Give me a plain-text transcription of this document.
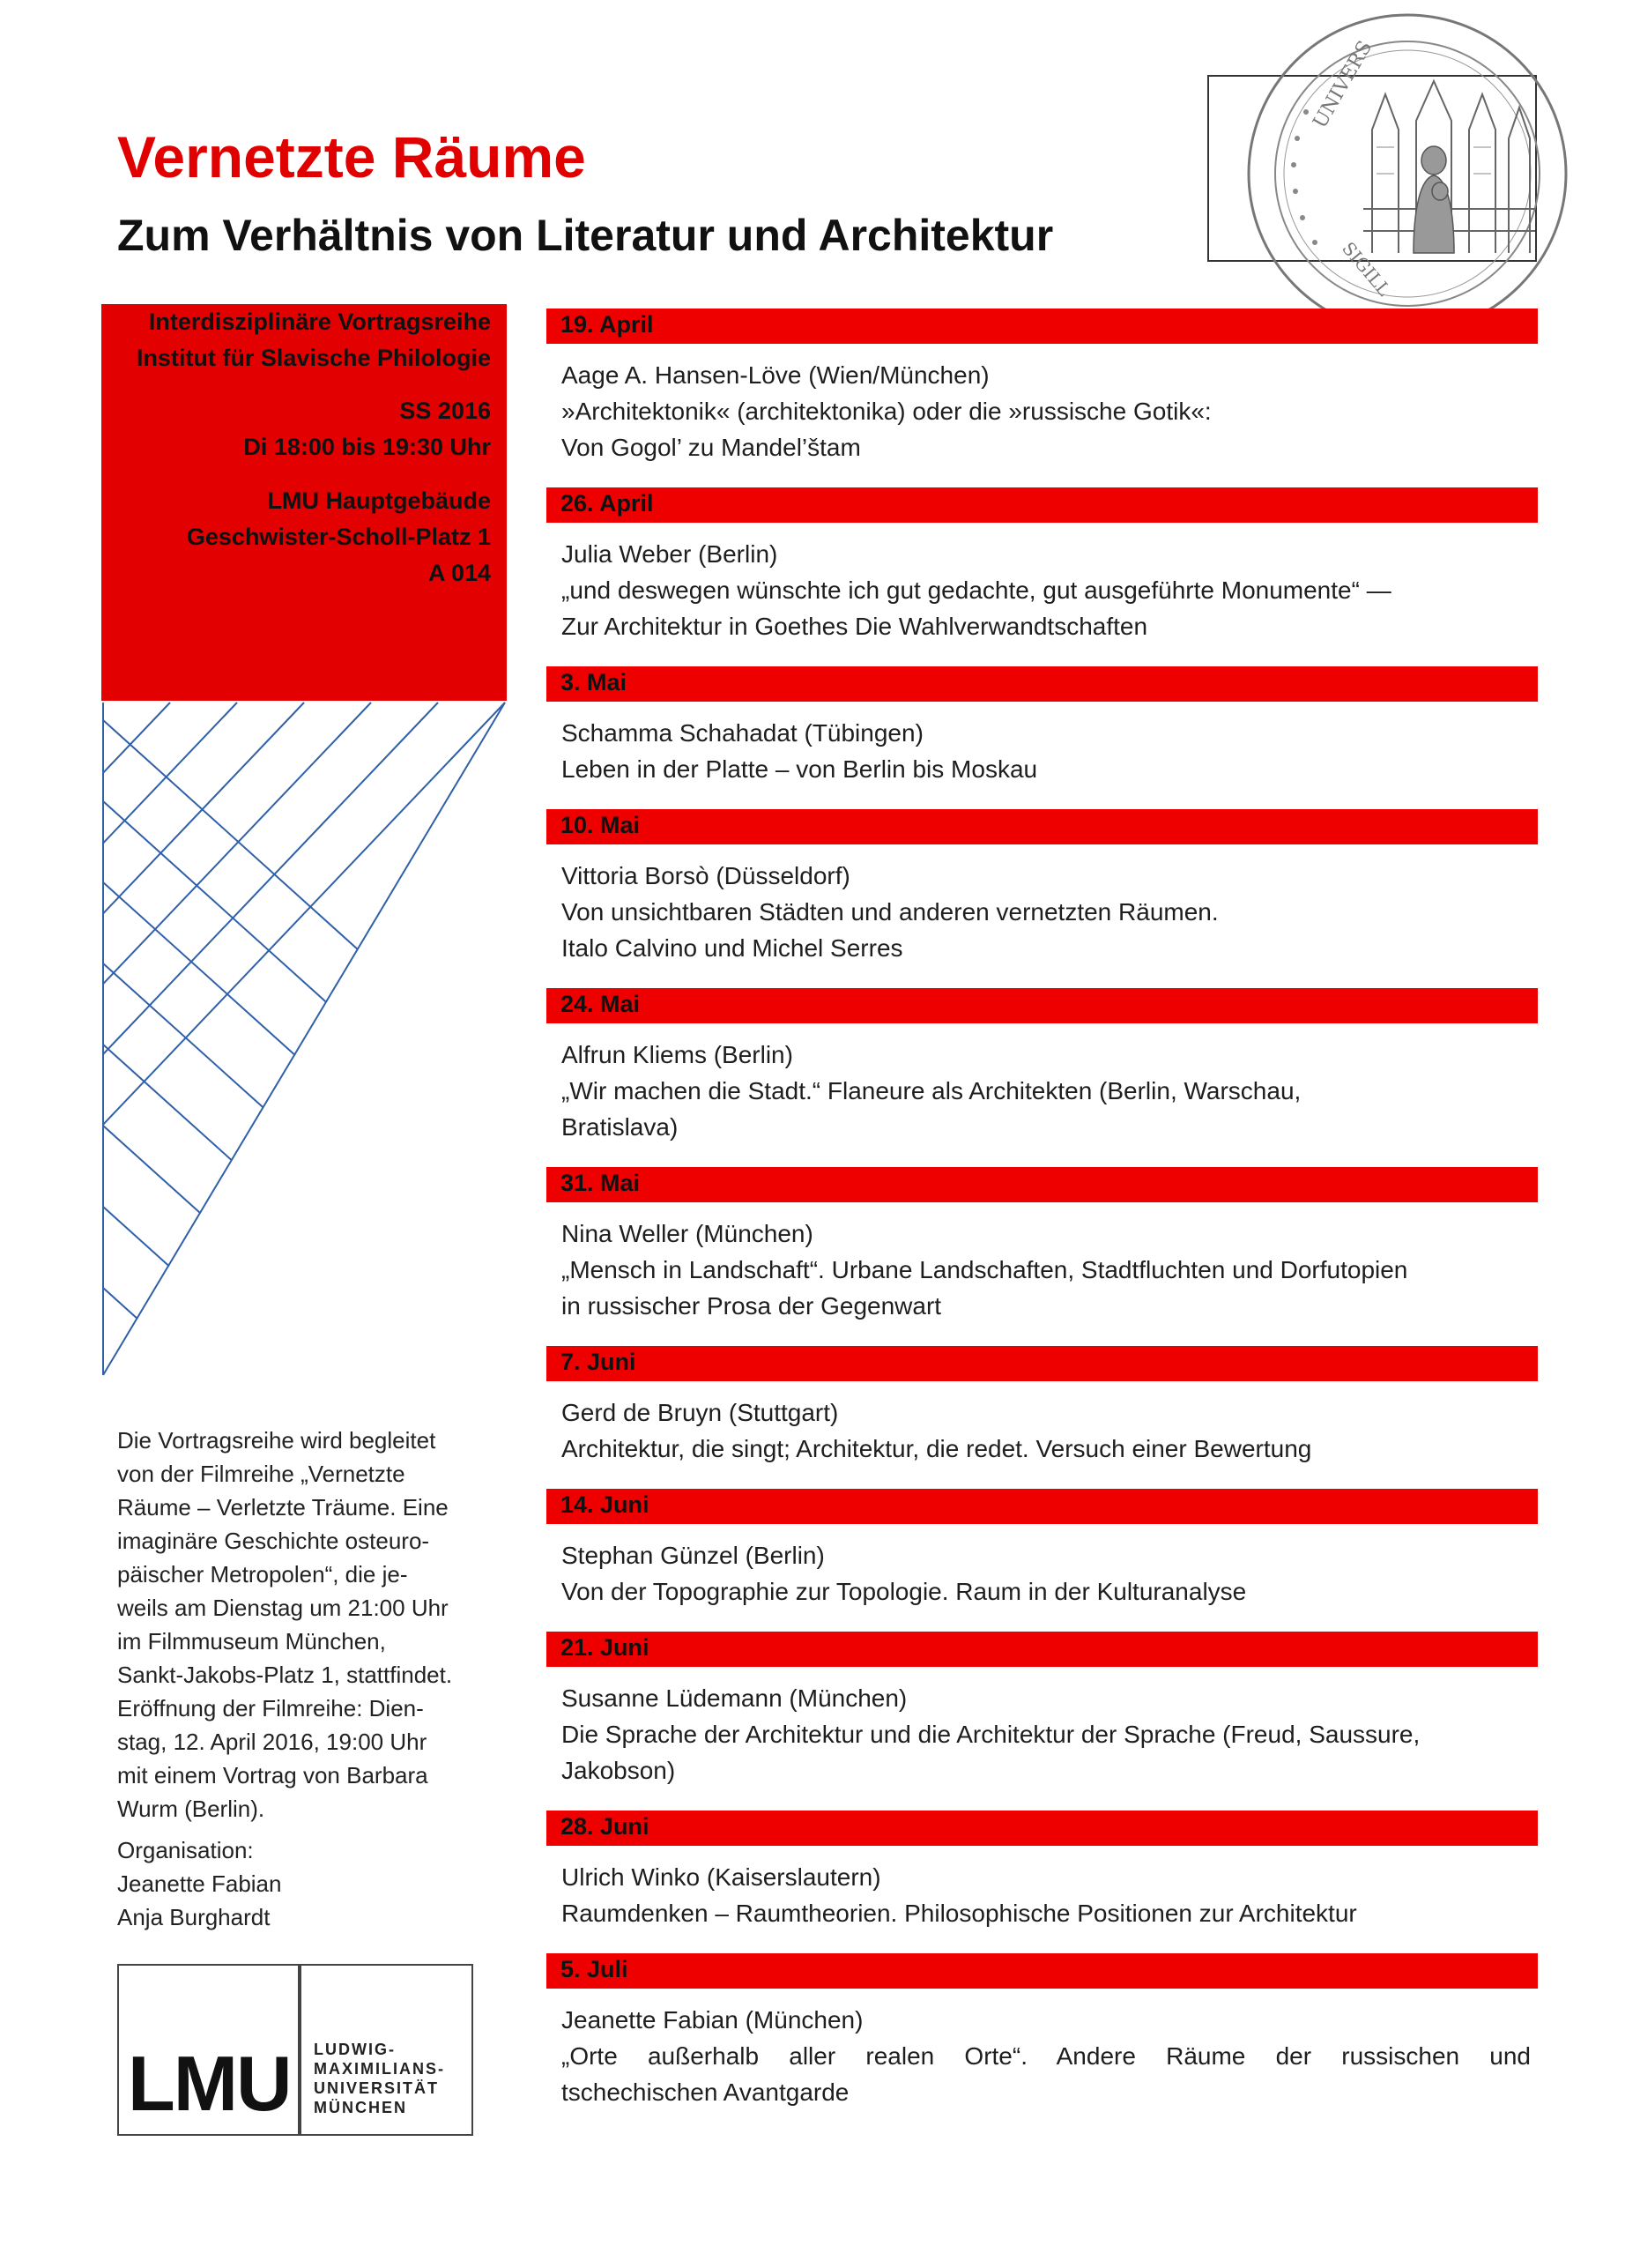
Vernetzte Räume
Zum Verhältnis von Literatur und Architektur
UNIVERS
SIGILL
Interdisziplinäre Vortragsreihe
Institut für Slavische Philologie
SS 2016
Di 18:00 bis 19:30 Uhr
LMU Hauptgebäude
Geschwister-Scholl-Platz 1
A 014
Die Vortragsreihe wird begleitet
von der Filmreihe „Vernetzte
Räume – Verletzte Träume. Eine
imaginäre Geschichte osteuro-
päischer Metropolen“, die je-
weils am Dienstag um 21:00 Uhr
im Filmmuseum München,
Sankt-Jakobs-Platz 1, stattfindet.
Eröffnung der Filmreihe: Dien-
stag, 12. April 2016, 19:00 Uhr
mit einem Vortrag von Barbara
Wurm (Berlin).
Organisation:
Jeanette Fabian
Anja Burghardt
LMU LUDWIG-
MAXIMILIANS-
UNIVERSITÄT
MÜNCHEN
19. April
Aage A. Hansen-Löve (Wien/München)
»Architektonik« (architektonika) oder die »russische Gotik«:
Von Gogol’ zu Mandel’štam
26. April
Julia Weber (Berlin)
„und deswegen wünschte ich gut gedachte, gut ausgeführte Monumente“ —
Zur Architektur in Goethes Die Wahlverwandtschaften
3. Mai
Schamma Schahadat (Tübingen)
Leben in der Platte – von Berlin bis Moskau
10. Mai
Vittoria Borsò (Düsseldorf)
Von unsichtbaren Städten und anderen vernetzten Räumen.
Italo Calvino und Michel Serres
24. Mai
Alfrun Kliems (Berlin)
„Wir machen die Stadt.“ Flaneure als Architekten (Berlin, Warschau,
Bratislava)
31. Mai
Nina Weller (München)
„Mensch in Landschaft“. Urbane Landschaften, Stadtfluchten und Dorfutopien
in russischer Prosa der Gegenwart
7. Juni
Gerd de Bruyn (Stuttgart)
Architektur, die singt; Architektur, die redet. Versuch einer Bewertung
14. Juni
Stephan Günzel (Berlin)
Von der Topographie zur Topologie. Raum in der Kulturanalyse
21. Juni
Susanne Lüdemann (München)
Die Sprache der Architektur und die Architektur der Sprache (Freud, Saussure,
Jakobson)
28. Juni
Ulrich Winko (Kaiserslautern)
Raumdenken – Raumtheorien. Philosophische Positionen zur Architektur
5. Juli
Jeanette Fabian (München)
„Orte außerhalb aller realen Orte“. Andere Räume der russischen und
tschechischen Avantgarde
